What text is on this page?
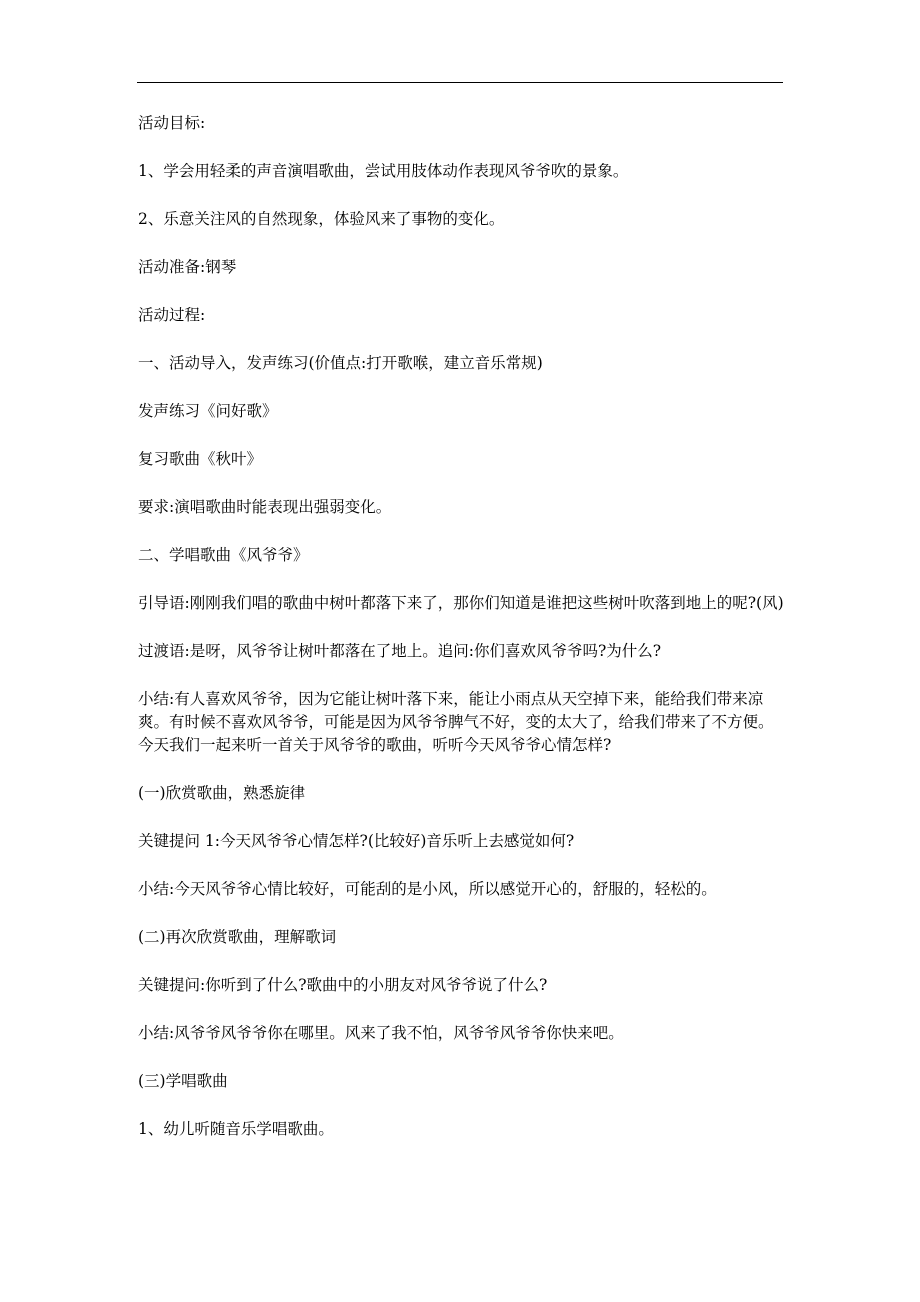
活动目标:

1、学会用轻柔的声音演唱歌曲，尝试用肢体动作表现风爷爷吹的景象。

2、乐意关注风的自然现象，体验风来了事物的变化。

活动准备:钢琴

活动过程:

一、活动导入，发声练习(价值点:打开歌喉，建立音乐常规)

发声练习《问好歌》

复习歌曲《秋叶》

要求:演唱歌曲时能表现出强弱变化。

二、学唱歌曲《风爷爷》

引导语:刚刚我们唱的歌曲中树叶都落下来了，那你们知道是谁把这些树叶吹落到地上的呢?(风)

过渡语:是呀，风爷爷让树叶都落在了地上。追问:你们喜欢风爷爷吗?为什么?

小结:有人喜欢风爷爷，因为它能让树叶落下来，能让小雨点从天空掉下来，能给我们带来凉爽。有时候不喜欢风爷爷，可能是因为风爷爷脾气不好，变的太大了，给我们带来了不方便。今天我们一起来听一首关于风爷爷的歌曲，听听今天风爷爷心情怎样?

(一)欣赏歌曲，熟悉旋律

关键提问 1:今天风爷爷心情怎样?(比较好)音乐听上去感觉如何?

小结:今天风爷爷心情比较好，可能刮的是小风，所以感觉开心的，舒服的，轻松的。

(二)再次欣赏歌曲，理解歌词

关键提问:你听到了什么?歌曲中的小朋友对风爷爷说了什么?

小结:风爷爷风爷爷你在哪里。风来了我不怕，风爷爷风爷爷你快来吧。

(三)学唱歌曲

1、幼儿听随音乐学唱歌曲。
